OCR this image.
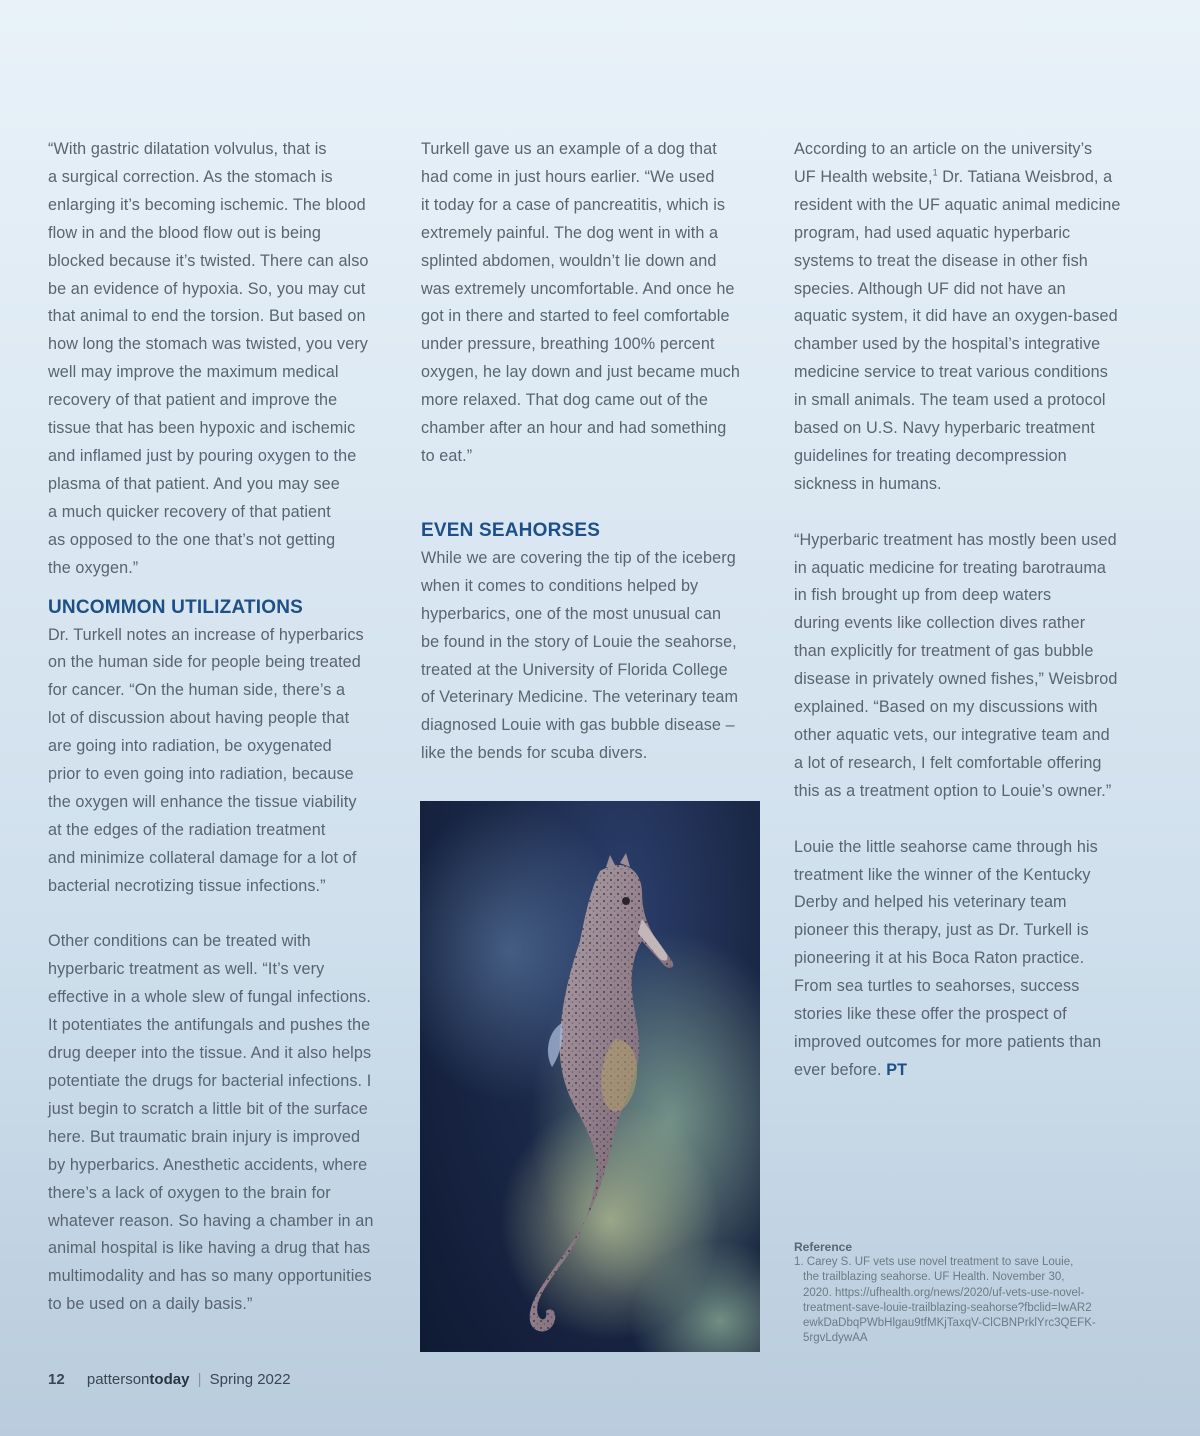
“With gastric dilatation volvulus, that is
a surgical correction. As the stomach is
enlarging it’s becoming ischemic. The blood
flow in and the blood flow out is being
blocked because it’s twisted. There can also
be an evidence of hypoxia. So, you may cut
that animal to end the torsion. But based on
how long the stomach was twisted, you very
well may improve the maximum medical
recovery of that patient and improve the
tissue that has been hypoxic and ischemic
and inflamed just by pouring oxygen to the
plasma of that patient. And you may see
a much quicker recovery of that patient
as opposed to the one that’s not getting
the oxygen.”

UNCOMMON UTILIZATIONS

Dr. Turkell notes an increase of hyperbarics
on the human side for people being treated
for cancer. “On the human side, there’s a
lot of discussion about having people that
are going into radiation, be oxygenated
prior to even going into radiation, because
the oxygen will enhance the tissue viability
at the edges of the radiation treatment
and minimize collateral damage for a lot of
bacterial necrotizing tissue infections.”

Other conditions can be treated with
hyperbaric treatment as well. “It’s very
effective in a whole slew of fungal infections.
It potentiates the antifungals and pushes the
drug deeper into the tissue. And it also helps
potentiate the drugs for bacterial infections. I
just begin to scratch a little bit of the surface
here. But traumatic brain injury is improved
by hyperbarics. Anesthetic accidents, where
there’s a lack of oxygen to the brain for
whatever reason. So having a chamber in an
animal hospital is like having a drug that has
multimodality and has so many opportunities
to be used on a daily basis.”

Turkell gave us an example of a dog that
had come in just hours earlier. “We used
it today for a case of pancreatitis, which is
extremely painful. The dog went in with a
splinted abdomen, wouldn’t lie down and
was extremely uncomfortable. And once he
got in there and started to feel comfortable
under pressure, breathing 100% percent
oxygen, he lay down and just became much
more relaxed. That dog came out of the
chamber after an hour and had something
to eat.”

EVEN SEAHORSES

While we are covering the tip of the iceberg
when it comes to conditions helped by
hyperbarics, one of the most unusual can
be found in the story of Louie the seahorse,
treated at the University of Florida College
of Veterinary Medicine. The veterinary team
diagnosed Louie with gas bubble disease –
like the bends for scuba divers.

According to an article on the university’s
UF Health website,$^1$ Dr. Tatiana Weisbrod, a
resident with the UF aquatic animal medicine
program, had used aquatic hyperbaric
systems to treat the disease in other fish
species. Although UF did not have an
aquatic system, it did have an oxygen-based
chamber used by the hospital’s integrative
medicine service to treat various conditions
in small animals. The team used a protocol
based on U.S. Navy hyperbaric treatment
guidelines for treating decompression
sickness in humans.

“Hyperbaric treatment has mostly been used
in aquatic medicine for treating barotrauma
in fish brought up from deep waters
during events like collection dives rather
than explicitly for treatment of gas bubble
disease in privately owned fishes,” Weisbrod
explained. “Based on my discussions with
other aquatic vets, our integrative team and
a lot of research, I felt comfortable offering
this as a treatment option to Louie’s owner.”

Louie the little seahorse came through his
treatment like the winner of the Kentucky
Derby and helped his veterinary team
pioneer this therapy, just as Dr. Turkell is
pioneering it at his Boca Raton practice.
From sea turtles to seahorses, success
stories like these offer the prospect of
improved outcomes for more patients than
ever before. PT

Reference
1. Carey S. UF vets use novel treatment to save Louie,
the trailblazing seahorse. UF Health. November 30,
2020. https://ufhealth.org/news/2020/uf-vets-use-novel-
treatment-save-louie-trailblazing-seahorse?fbclid=IwAR2
ewkDaDbqPWbHlgau9tfMKjTaxqV-ClCBNPrklYrc3QEFK-
5rgvLdywAA
12 pattersontoday | Spring 2022
